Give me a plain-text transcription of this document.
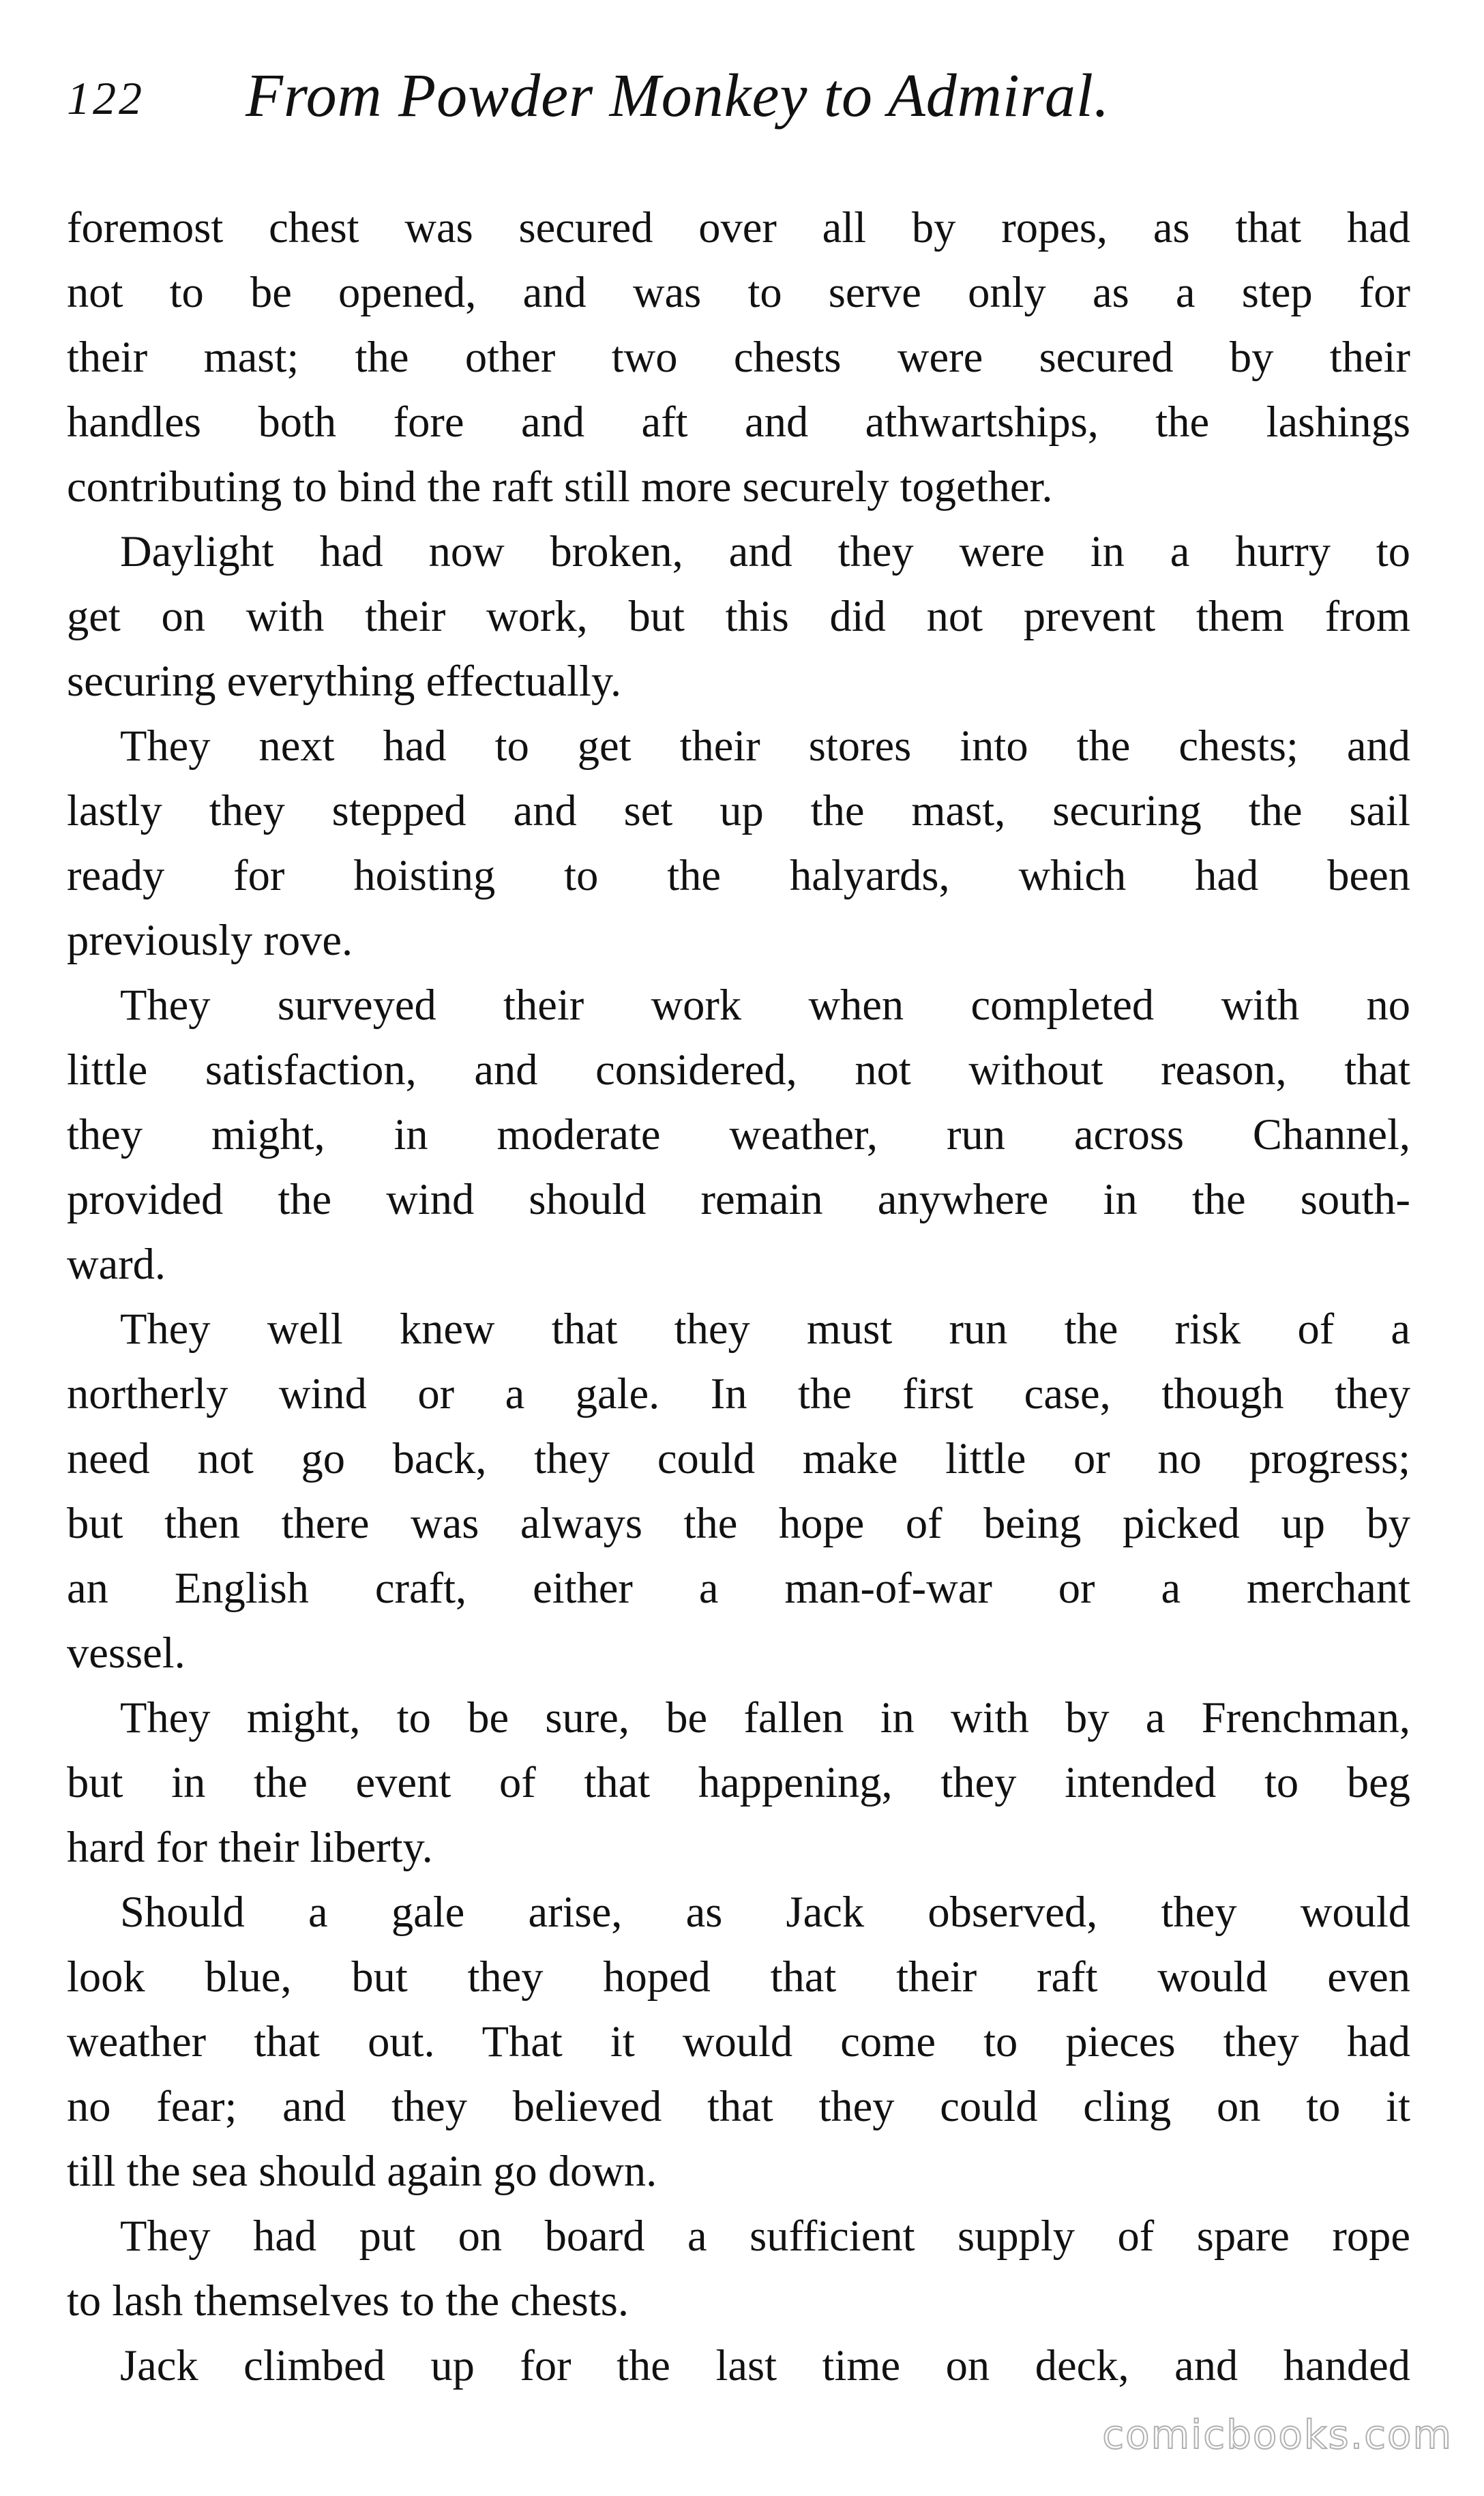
122 From Powder Monkey to Admiral.
foremost chest was secured over all by ropes, as that had
not to be opened, and was to serve only as a step for
their mast; the other two chests were secured by their
handles both fore and aft and athwartships, the lashings
contributing to bind the raft still more securely together.
Daylight had now broken, and they were in a hurry to
get on with their work, but this did not prevent them from
securing everything effectually.
They next had to get their stores into the chests; and
lastly they stepped and set up the mast, securing the sail
ready for hoisting to the halyards, which had been
previously rove.
They surveyed their work when completed with no
little satisfaction, and considered, not without reason, that
they might, in moderate weather, run across Channel,
provided the wind should remain anywhere in the south-
ward.
They well knew that they must run the risk of a
northerly wind or a gale. In the first case, though they
need not go back, they could make little or no progress;
but then there was always the hope of being picked up by
an English craft, either a man-of-war or a merchant
vessel.
They might, to be sure, be fallen in with by a Frenchman,
but in the event of that happening, they intended to beg
hard for their liberty.
Should a gale arise, as Jack observed, they would
look blue, but they hoped that their raft would even
weather that out. That it would come to pieces they had
no fear; and they believed that they could cling on to it
till the sea should again go down.
They had put on board a sufficient supply of spare rope
to lash themselves to the chests.
Jack climbed up for the last time on deck, and handed
comicbooks.com
